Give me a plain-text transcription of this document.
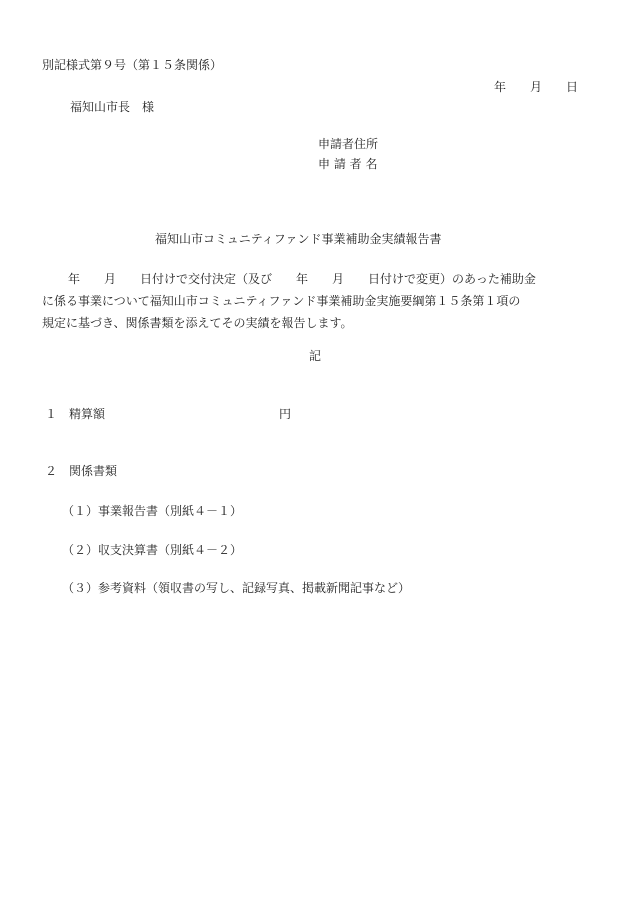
別記様式第９号（第１５条関係）
年　　月　　日
福知山市長　様
申請者住所
申 請 者 名
福知山市コミュニティファンド事業補助金実績報告書
年　　月　　日付けで交付決定（及び　　年　　月　　日付けで変更）のあった補助金
に係る事業について福知山市コミュニティファンド事業補助金実施要綱第１５条第１項の
規定に基づき、関係書類を添えてその実績を報告します。
記
１　精算額	円
２　関係書類
（１）事業報告書（別紙４－１）
（２）収支決算書（別紙４－２）
（３）参考資料（領収書の写し、記録写真、掲載新聞記事など）
